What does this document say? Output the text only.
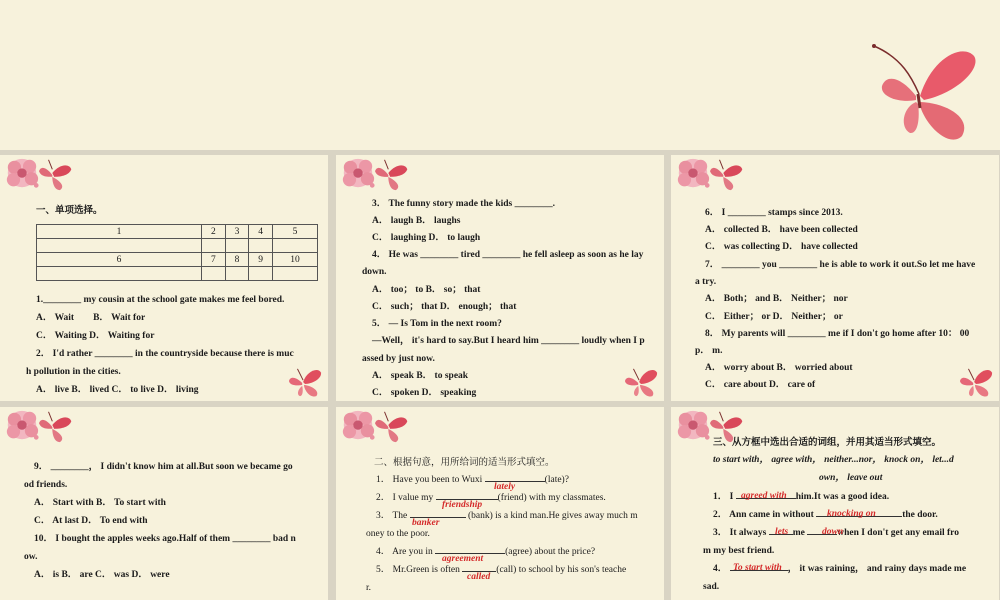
一、单项选择。
1	2	3	4	5

6	7	8	9	10

1.________ my cousin at the school gate makes me feel bored.
A． Wait　　B． Wait for
C． Waiting D． Waiting for
2． I'd rather ________ in the countryside because there is muc
h pollution in the cities.
A． live B． lived C． to live D． living
3． The funny story made the kids ________.
A． laugh B． laughs
C． laughing D． to laugh
4． He was ________ tired ________ he fell asleep as soon as he lay
down.
A． too； to B． so； that
C． such； that D． enough； that
5． — Is Tom in the next room?
—Well， it's hard to say.But I heard him ________ loudly when I p
assed by just now.
A． speak B． to speak
C． spoken D． speaking
6． I ________ stamps since 2013.
A． collected B． have been collected
C． was collecting D． have collected
7． ________ you ________ he is able to work it out.So let me have
a try.
A． Both； and B． Neither； nor
C． Either； or D． Neither； or
8． My parents will ________ me if I don't go home after 10： 00
p． m.
A． worry about B． worried about
C． care about D． care of
9． ________， I didn't know him at all.But soon we became go
od friends.
A． Start with B． To start with
C． At last D． To end with
10． I bought the apples weeks ago.Half of them ________ bad n
ow.
A． is B． are C． was D． were
二、根据句意，用所给词的适当形式填空。
1． Have you been to Wuxi	(late)?
lately
2． I value my	(friend) with my classmates.
friendship
3． The	(bank) is a kind man.He gives away much m
banker
oney to the poor.
4． Are you in	(agree) about the price?
agreement
5． Mr.Green is often	(call) to school by his son's teache
called
r.
三、从方框中选出合适的词组，并用其适当形式填空。
to start with， agree with， neither...nor， knock on， let...d
own， leave out
1． I	him.It was a good idea.
agreed with
2． Ann came in without	the door.
knocking on
3． It always	me	when I don't get any email fro
lets	down
m my best friend.
4．	， it was raining， and rainy days made me
To start with
sad.
